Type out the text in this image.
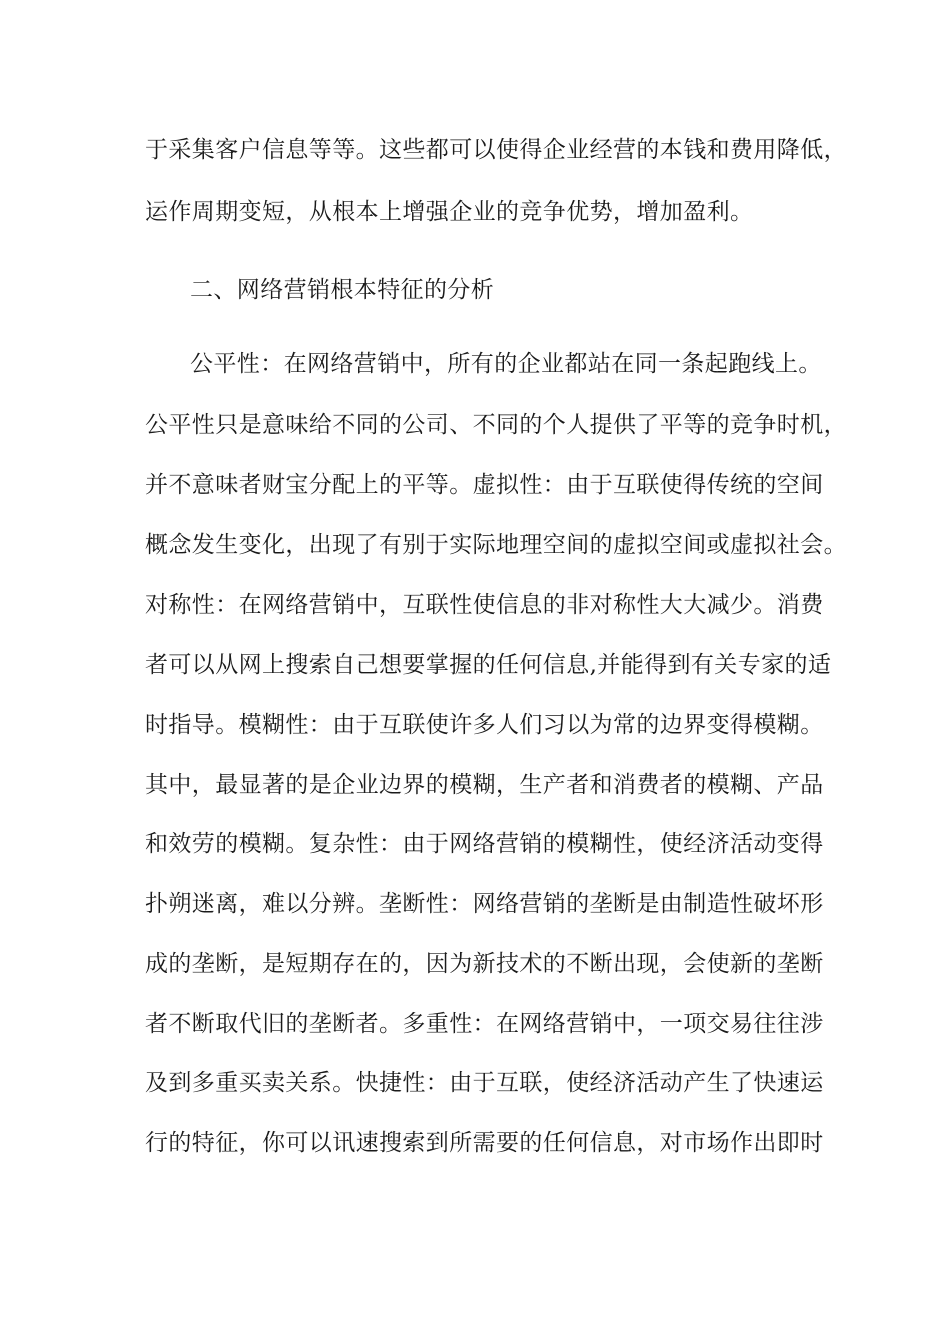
于采集客户信息等等。这些都可以使得企业经营的本钱和费用降低，
运作周期变短，从根本上增强企业的竞争优势，增加盈利。
二、网络营销根本特征的分析
公平性：在网络营销中，所有的企业都站在同一条起跑线上。
公平性只是意味给不同的公司、不同的个人提供了平等的竞争时机，
并不意味者财宝分配上的平等。虚拟性：由于互联使得传统的空间
概念发生变化，出现了有别于实际地理空间的虚拟空间或虚拟社会。
对称性：在网络营销中，互联性使信息的非对称性大大减少。消费
者可以从网上搜索自己想要掌握的任何信息,并能得到有关专家的适
时指导。模糊性：由于互联使许多人们习以为常的边界变得模糊。
其中，最显著的是企业边界的模糊，生产者和消费者的模糊、产品
和效劳的模糊。复杂性：由于网络营销的模糊性，使经济活动变得
扑朔迷离，难以分辨。垄断性：网络营销的垄断是由制造性破坏形
成的垄断，是短期存在的，因为新技术的不断出现，会使新的垄断
者不断取代旧的垄断者。多重性：在网络营销中，一项交易往往涉
及到多重买卖关系。快捷性：由于互联，使经济活动产生了快速运
行的特征，你可以讯速搜索到所需要的任何信息，对市场作出即时
